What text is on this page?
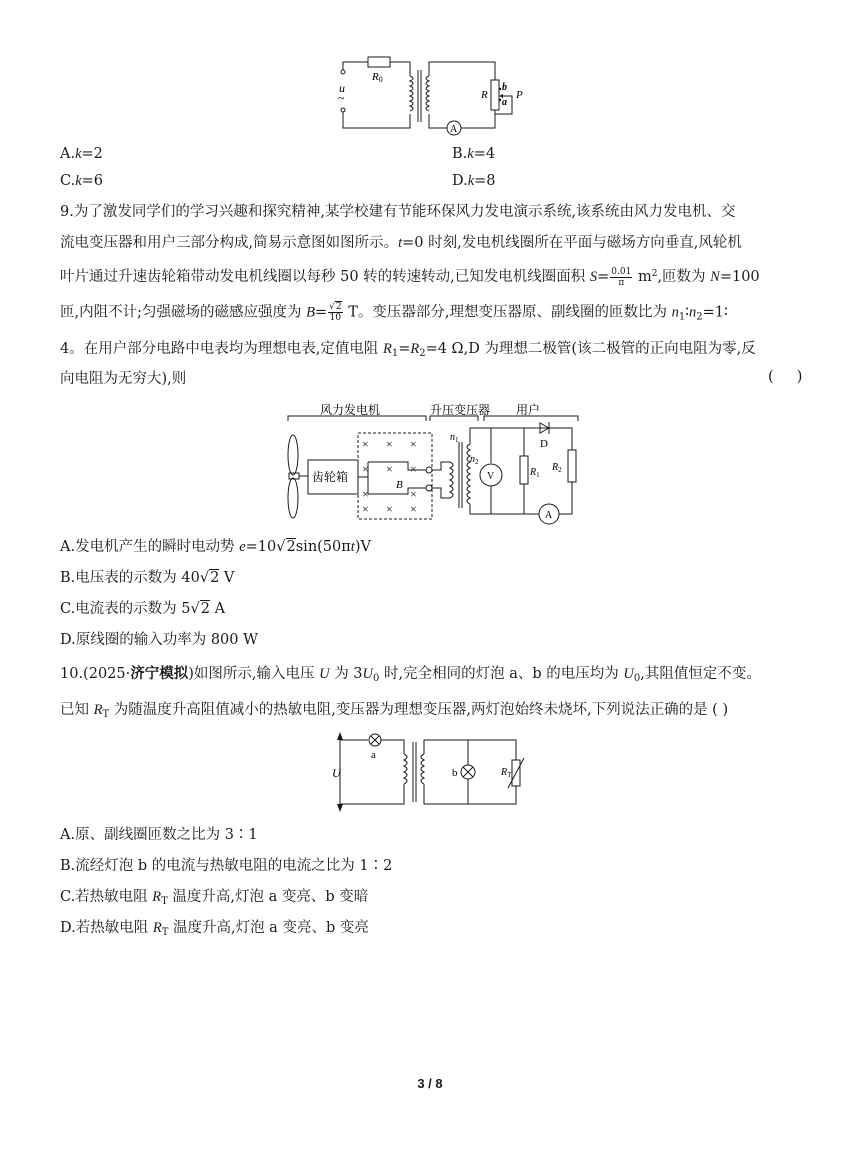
u
~
R0
R
b
a
P
A
A.k=2	B.k=4
C.k=6	D.k=8
9.为了激发同学们的学习兴趣和探究精神,某学校建有节能环保风力发电演示系统,该系统由风力发电机、交
流电变压器和用户三部分构成,简易示意图如图所示。t=0 时刻,发电机线圈所在平面与磁场方向垂直,风轮机
叶片通过升速齿轮箱带动发电机线圈以每秒 50 转的转速转动,已知发电机线圈面积 $S= \frac{0.01}{\pi} m^2$,匝数为 N=100
匝,内阻不计;匀强磁场的磁感应强度为 $B= \frac{√2}{10}$ T。变压器部分,理想变压器原、副线圈的匝数比为 $n_1∶n_2=1∶$
4。在用户部分电路中电表均为理想电表,定值电阻 $R_1=R_2=4$ Ω,D 为理想二极管(该二极管的正向电阻为零,反
向电阻为无穷大),则	(     )
风力发电机	升压变压器 用户
齿轮箱
× × ×
× × ×
×	×
× × ×
B
$n_1$
$n_2$
D
V	$R_1$
$R_2$
A
A.发电机产生的瞬时电动势 e=10√2sin(50πt)V
B.电压表的示数为 40√2 V
C.电流表的示数为 5√2 A
D.原线圈的输入功率为 800 W
10.(2025·济宁模拟)如图所示,输入电压 U 为 $3U_0$ 时,完全相同的灯泡 a、b 的电压均为 $U_0$,其阻值恒定不变。
已知 $R_T$ 为随温度升高阻值减小的热敏电阻,变压器为理想变压器,两灯泡始终未烧坏,下列说法正确的是 ( )
U
a
b	$R_T$
A.原、副线圈匝数之比为 3∶1
B.流经灯泡 b 的电流与热敏电阻的电流之比为 1∶2
C.若热敏电阻 $R_T$ 温度升高,灯泡 a 变亮、b 变暗
D.若热敏电阻 $R_T$ 温度升高,灯泡 a 变亮、b 变亮
3 / 8
